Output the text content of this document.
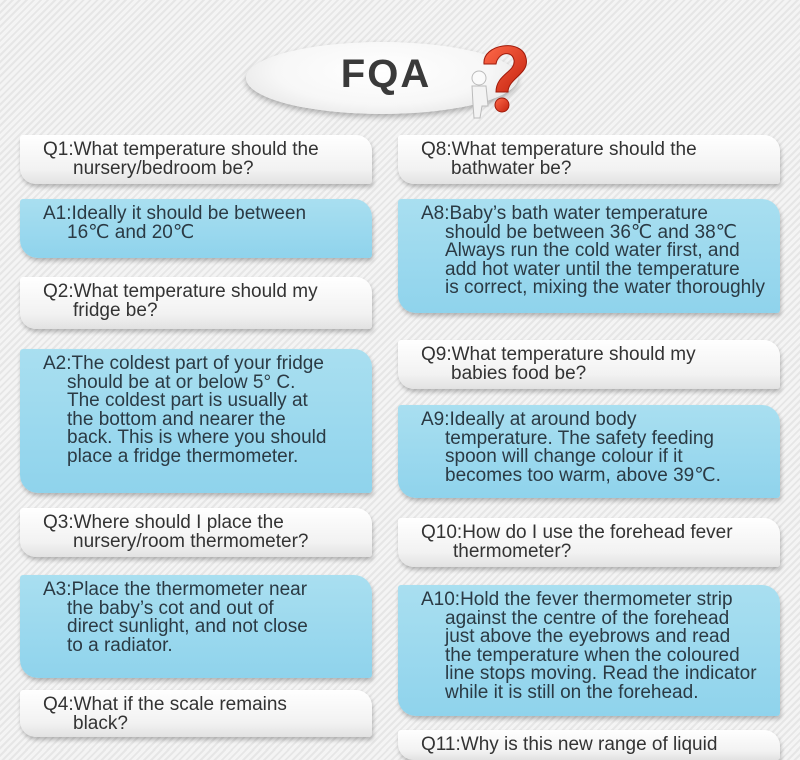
FQA
Q1:What temperature should the
nursery/bedroom be?
A1:Ideally it should be between
16℃ and 20℃
Q2:What temperature should my
fridge be?
A2:The coldest part of your fridge
should be at or below 5° C.
The coldest part is usually at
the bottom and nearer the
back. This is where you should
place a fridge thermometer.
Q3:Where should I place the
nursery/room thermometer?
A3:Place the thermometer near
the baby’s cot and out of
direct sunlight, and not close
to a radiator.
Q4:What if the scale remains
black?
Q8:What temperature should the
bathwater be?
A8:Baby’s bath water temperature
should be between 36℃ and 38℃
Always run the cold water first, and
add hot water until the temperature
is correct, mixing the water thoroughly
Q9:What temperature should my
babies food be?
A9:Ideally at around body
temperature. The safety feeding
spoon will change colour if it
becomes too warm, above 39℃.
Q10:How do I use the forehead fever
thermometer?
A10:Hold the fever thermometer strip
against the centre of the forehead
just above the eyebrows and read
the temperature when the coloured
line stops moving. Read the indicator
while it is still on the forehead.
Q11:Why is this new range of liquid
